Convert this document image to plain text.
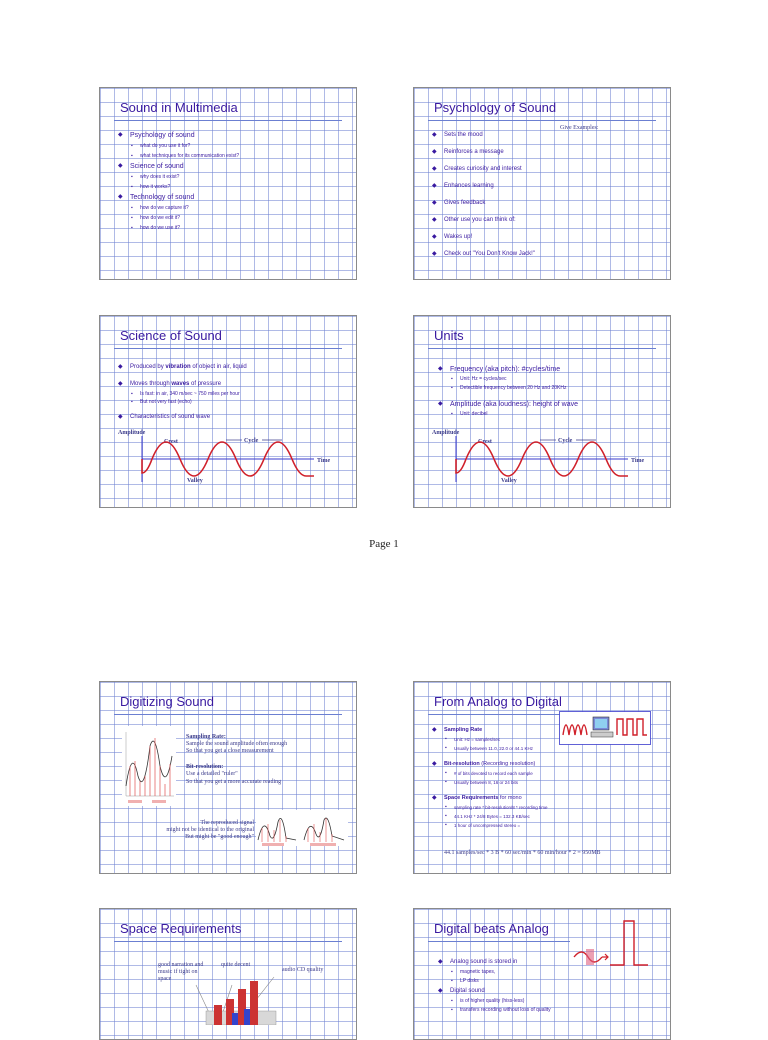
Sound in Multimedia
◆ Psychology of sound
▪ what do you use it for?
▪ what techniques for its communication exist?
◆ Science of sound
▪ why does it exist?
▪ how it works?
◆ Technology of sound
▪ how do we capture it?
▪ how do we edit it?
▪ how do we use it?
Psychology of Sound
Give Examples:
◆ Sets the mood
◆ Reinforces a message
◆ Creates curiosity and interest
◆ Enhances learning
◆ Gives feedback
◆ Other use you can think of:
◆ Wakes up!
◆ Check out "You Don't Know Jack!"
Science of Sound
◆ Produced by vibration of object in air, liquid
◆ Moves through waves of pressure
▪ Is fast: in air, 340 m/sec ~ 750 miles per hour
▪ But not very fast (echo)
◆ Characteristics of sound wave
Amplitude
Crest	Cycle
Time
Valley
Units
◆ Frequency (aka pitch): #cycles/time
▪ Unit: Hz = cycles/sec
▪ Detectible frequency between 20 Hz and 20KHz
◆ Amplitude (aka loudness): height of wave
▪ Unit: decibel
Amplitude
Crest	Cycle
Time
Valley
Page 1
Digitizing Sound
Sampling Rate:
Sample the sound amplitude often enough
So that you get a close measurement
Bit-resolution:
Use a detailed "ruler"
So that you get a more accurate reading
The reproduced signal
might not be identical to the original
But might be "good enough"
From Analog to Digital
◆ Sampling Rate
▪ Unit: Hz = samples/sec
▪ Usually between 11.0, 22.0 or 44.1 KHz
◆ Bit-resolution (Recording resolution)
▪ # of bits devoted to record each sample
▪ Usually between 8, 16 or 24 bits
◆ Space Requirements for mono
▪ sampling rate * bit-resolution/8 * recording time
▪ 44.1 KHz * 24/8 Bytes = 132.3 KB/sec
▪ 1 hour of uncompressed stereo =
44.1 samples/sec * 3 B * 60 sec/min * 60 min/hour * 2 = 950MB
Space Requirements
good narration and music if tight on space
quite decent
audio CD quality
Digital beats Analog
◆ Analog sound is stored in
▪ magnetic tapes,
▪ LP disks
◆ Digital sound
▪ is of higher quality (hiss-less)
▪ transfers recording without loss of quality
